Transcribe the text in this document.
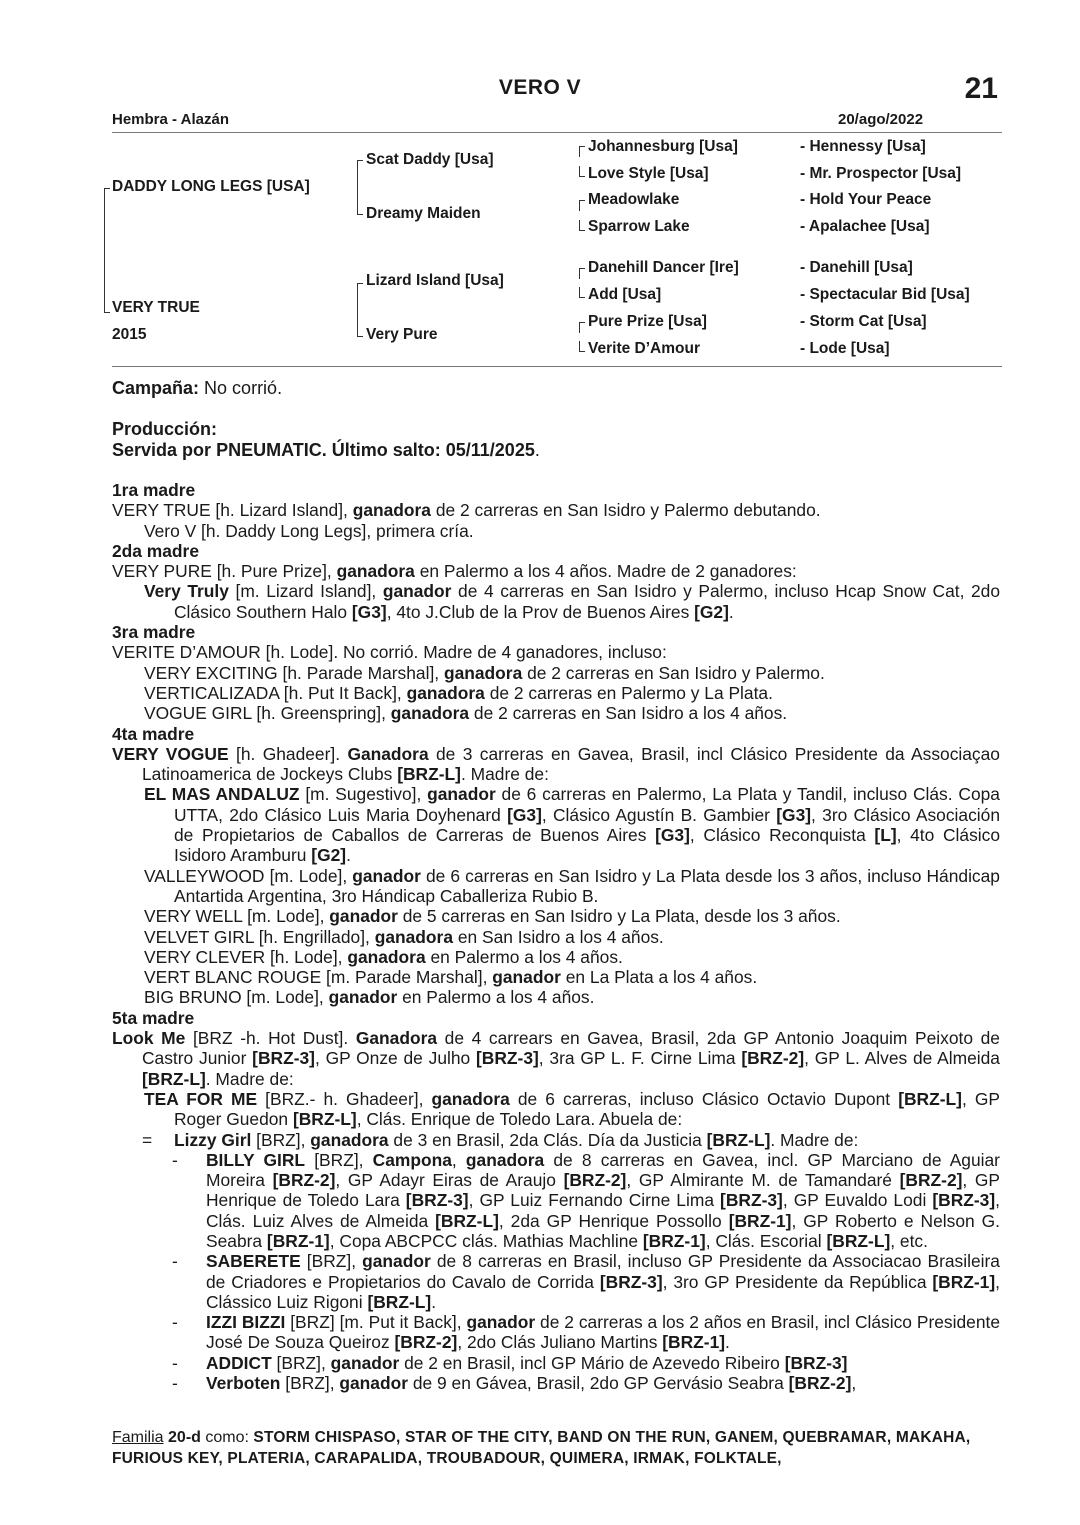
VERO V	21
Hembra - Alazán	20/ago/2022
DADDY LONG LEGS [USA]
VERY TRUE
2015
Scat Daddy [Usa]
Dreamy Maiden
Lizard Island [Usa]
Very Pure
Johannesburg [Usa]
Love Style [Usa]
Meadowlake
Sparrow Lake
Danehill Dancer [Ire]
Add [Usa]
Pure Prize [Usa]
Verite D’Amour
- Hennessy [Usa]
- Mr. Prospector [Usa]
- Hold Your Peace
- Apalachee [Usa]
- Danehill [Usa]
- Spectacular Bid [Usa]
- Storm Cat [Usa]
- Lode [Usa]
Campaña: No corrió.
Producción:
Servida por PNEUMATIC. Último salto: 05/11/2025.
1ra madre
VERY TRUE [h. Lizard Island], ganadora de 2 carreras en San Isidro y Palermo debutando.
Vero V [h. Daddy Long Legs], primera cría.
2da madre
VERY PURE [h. Pure Prize], ganadora en Palermo a los 4 años. Madre de 2 ganadores:
Very Truly [m. Lizard Island], ganador de 4 carreras en San Isidro y Palermo, incluso Hcap Snow Cat, 2do Clásico Southern Halo [G3], 4to J.Club de la Prov de Buenos Aires [G2].
3ra madre
VERITE D’AMOUR [h. Lode]. No corrió. Madre de 4 ganadores, incluso:
VERY EXCITING [h. Parade Marshal], ganadora de 2 carreras en San Isidro y Palermo.
VERTICALIZADA [h. Put It Back], ganadora de 2 carreras en Palermo y La Plata.
VOGUE GIRL [h. Greenspring], ganadora de 2 carreras en San Isidro a los 4 años.
4ta madre
VERY VOGUE [h. Ghadeer]. Ganadora de 3 carreras en Gavea, Brasil, incl Clásico Presidente da Associaçao Latinoamerica de Jockeys Clubs [BRZ-L]. Madre de:
EL MAS ANDALUZ [m. Sugestivo], ganador de 6 carreras en Palermo, La Plata y Tandil, incluso Clás. Copa UTTA, 2do Clásico Luis Maria Doyhenard [G3], Clásico Agustín B. Gambier [G3], 3ro Clásico Asociación de Propietarios de Caballos de Carreras de Buenos Aires [G3], Clásico Reconquista [L], 4to Clásico Isidoro Aramburu [G2].
VALLEYWOOD [m. Lode], ganador de 6 carreras en San Isidro y La Plata desde los 3 años, incluso Hándicap Antartida Argentina, 3ro Hándicap Caballeriza Rubio B.
VERY WELL [m. Lode], ganador de 5 carreras en San Isidro y La Plata, desde los 3 años.
VELVET GIRL [h. Engrillado], ganadora en San Isidro a los 4 años.
VERY CLEVER [h. Lode], ganadora en Palermo a los 4 años.
VERT BLANC ROUGE [m. Parade Marshal], ganador en La Plata a los 4 años.
BIG BRUNO [m. Lode], ganador en Palermo a los 4 años.
5ta madre
Look Me [BRZ -h. Hot Dust]. Ganadora de 4 carrears en Gavea, Brasil, 2da GP Antonio Joaquim Peixoto de Castro Junior [BRZ-3], GP Onze de Julho [BRZ-3], 3ra GP L. F. Cirne Lima [BRZ-2], GP L. Alves de Almeida [BRZ-L]. Madre de:
TEA FOR ME [BRZ.- h. Ghadeer], ganadora de 6 carreras, incluso Clásico Octavio Dupont [BRZ-L], GP Roger Guedon [BRZ-L], Clás. Enrique de Toledo Lara. Abuela de:
= Lizzy Girl [BRZ], ganadora de 3 en Brasil, 2da Clás. Día da Justicia [BRZ-L]. Madre de:
- BILLY GIRL [BRZ], Campona, ganadora de 8 carreras en Gavea, incl. GP Marciano de Aguiar Moreira [BRZ-2], GP Adayr Eiras de Araujo [BRZ-2], GP Almirante M. de Tamandaré [BRZ-2], GP Henrique de Toledo Lara [BRZ-3], GP Luiz Fernando Cirne Lima [BRZ-3], GP Euvaldo Lodi [BRZ-3], Clás. Luiz Alves de Almeida [BRZ-L], 2da GP Henrique Possollo [BRZ-1], GP Roberto e Nelson G. Seabra [BRZ-1], Copa ABCPCC clás. Mathias Machline [BRZ-1], Clás. Escorial [BRZ-L], etc.
- SABERETE [BRZ], ganador de 8 carreras en Brasil, incluso GP Presidente da Associacao Brasileira de Criadores e Propietarios do Cavalo de Corrida [BRZ-3], 3ro GP Presidente da República [BRZ-1], Clássico Luiz Rigoni [BRZ-L].
- IZZI BIZZI [BRZ] [m. Put it Back], ganador de 2 carreras a los 2 años en Brasil, incl Clásico Presidente José De Souza Queiroz [BRZ-2], 2do Clás Juliano Martins [BRZ-1].
- ADDICT [BRZ], ganador de 2 en Brasil, incl GP Mário de Azevedo Ribeiro [BRZ-3]
- Verboten [BRZ], ganador de 9 en Gávea, Brasil, 2do GP Gervásio Seabra [BRZ-2],
Familia 20-d como: STORM CHISPASO, STAR OF THE CITY, BAND ON THE RUN, GANEM, QUEBRAMAR, MAKAHA, FURIOUS KEY, PLATERIA, CARAPALIDA, TROUBADOUR, QUIMERA, IRMAK, FOLKTALE,
